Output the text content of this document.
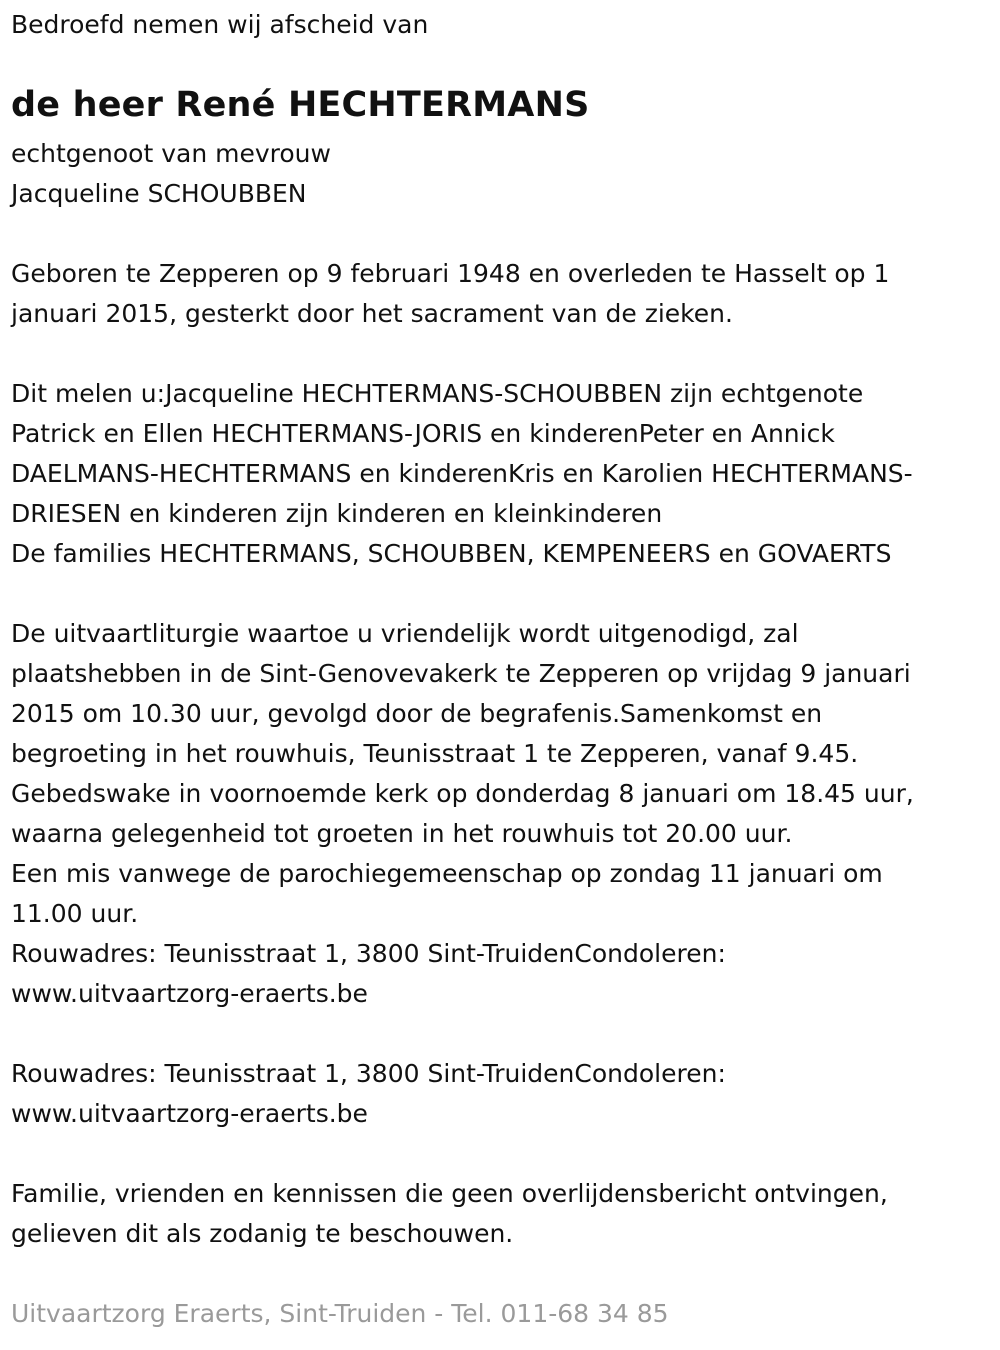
Bedroefd nemen wij afscheid van

de heer René HECHTERMANS

echtgenoot van mevrouw
Jacqueline SCHOUBBEN

Geboren te Zepperen op 9 februari 1948 en overleden te Hasselt op 1
januari 2015, gesterkt door het sacrament van de zieken.

Dit melen u:Jacqueline HECHTERMANS-SCHOUBBEN zijn echtgenote
Patrick en Ellen HECHTERMANS-JORIS en kinderenPeter en Annick
DAELMANS-HECHTERMANS en kinderenKris en Karolien HECHTERMANS-
DRIESEN en kinderen zijn kinderen en kleinkinderen
De families HECHTERMANS, SCHOUBBEN, KEMPENEERS en GOVAERTS

De uitvaartliturgie waartoe u vriendelijk wordt uitgenodigd, zal
plaatshebben in de Sint-Genovevakerk te Zepperen op vrijdag 9 januari
2015 om 10.30 uur, gevolgd door de begrafenis.Samenkomst en
begroeting in het rouwhuis, Teunisstraat 1 te Zepperen, vanaf 9.45.
Gebedswake in voornoemde kerk op donderdag 8 januari om 18.45 uur,
waarna gelegenheid tot groeten in het rouwhuis tot 20.00 uur.
Een mis vanwege de parochiegemeenschap op zondag 11 januari om
11.00 uur.
Rouwadres: Teunisstraat 1, 3800 Sint-TruidenCondoleren:
www.uitvaartzorg-eraerts.be

Rouwadres: Teunisstraat 1, 3800 Sint-TruidenCondoleren:
www.uitvaartzorg-eraerts.be

Familie, vrienden en kennissen die geen overlijdensbericht ontvingen,
gelieven dit als zodanig te beschouwen.

Uitvaartzorg Eraerts, Sint-Truiden - Tel. 011-68 34 85
